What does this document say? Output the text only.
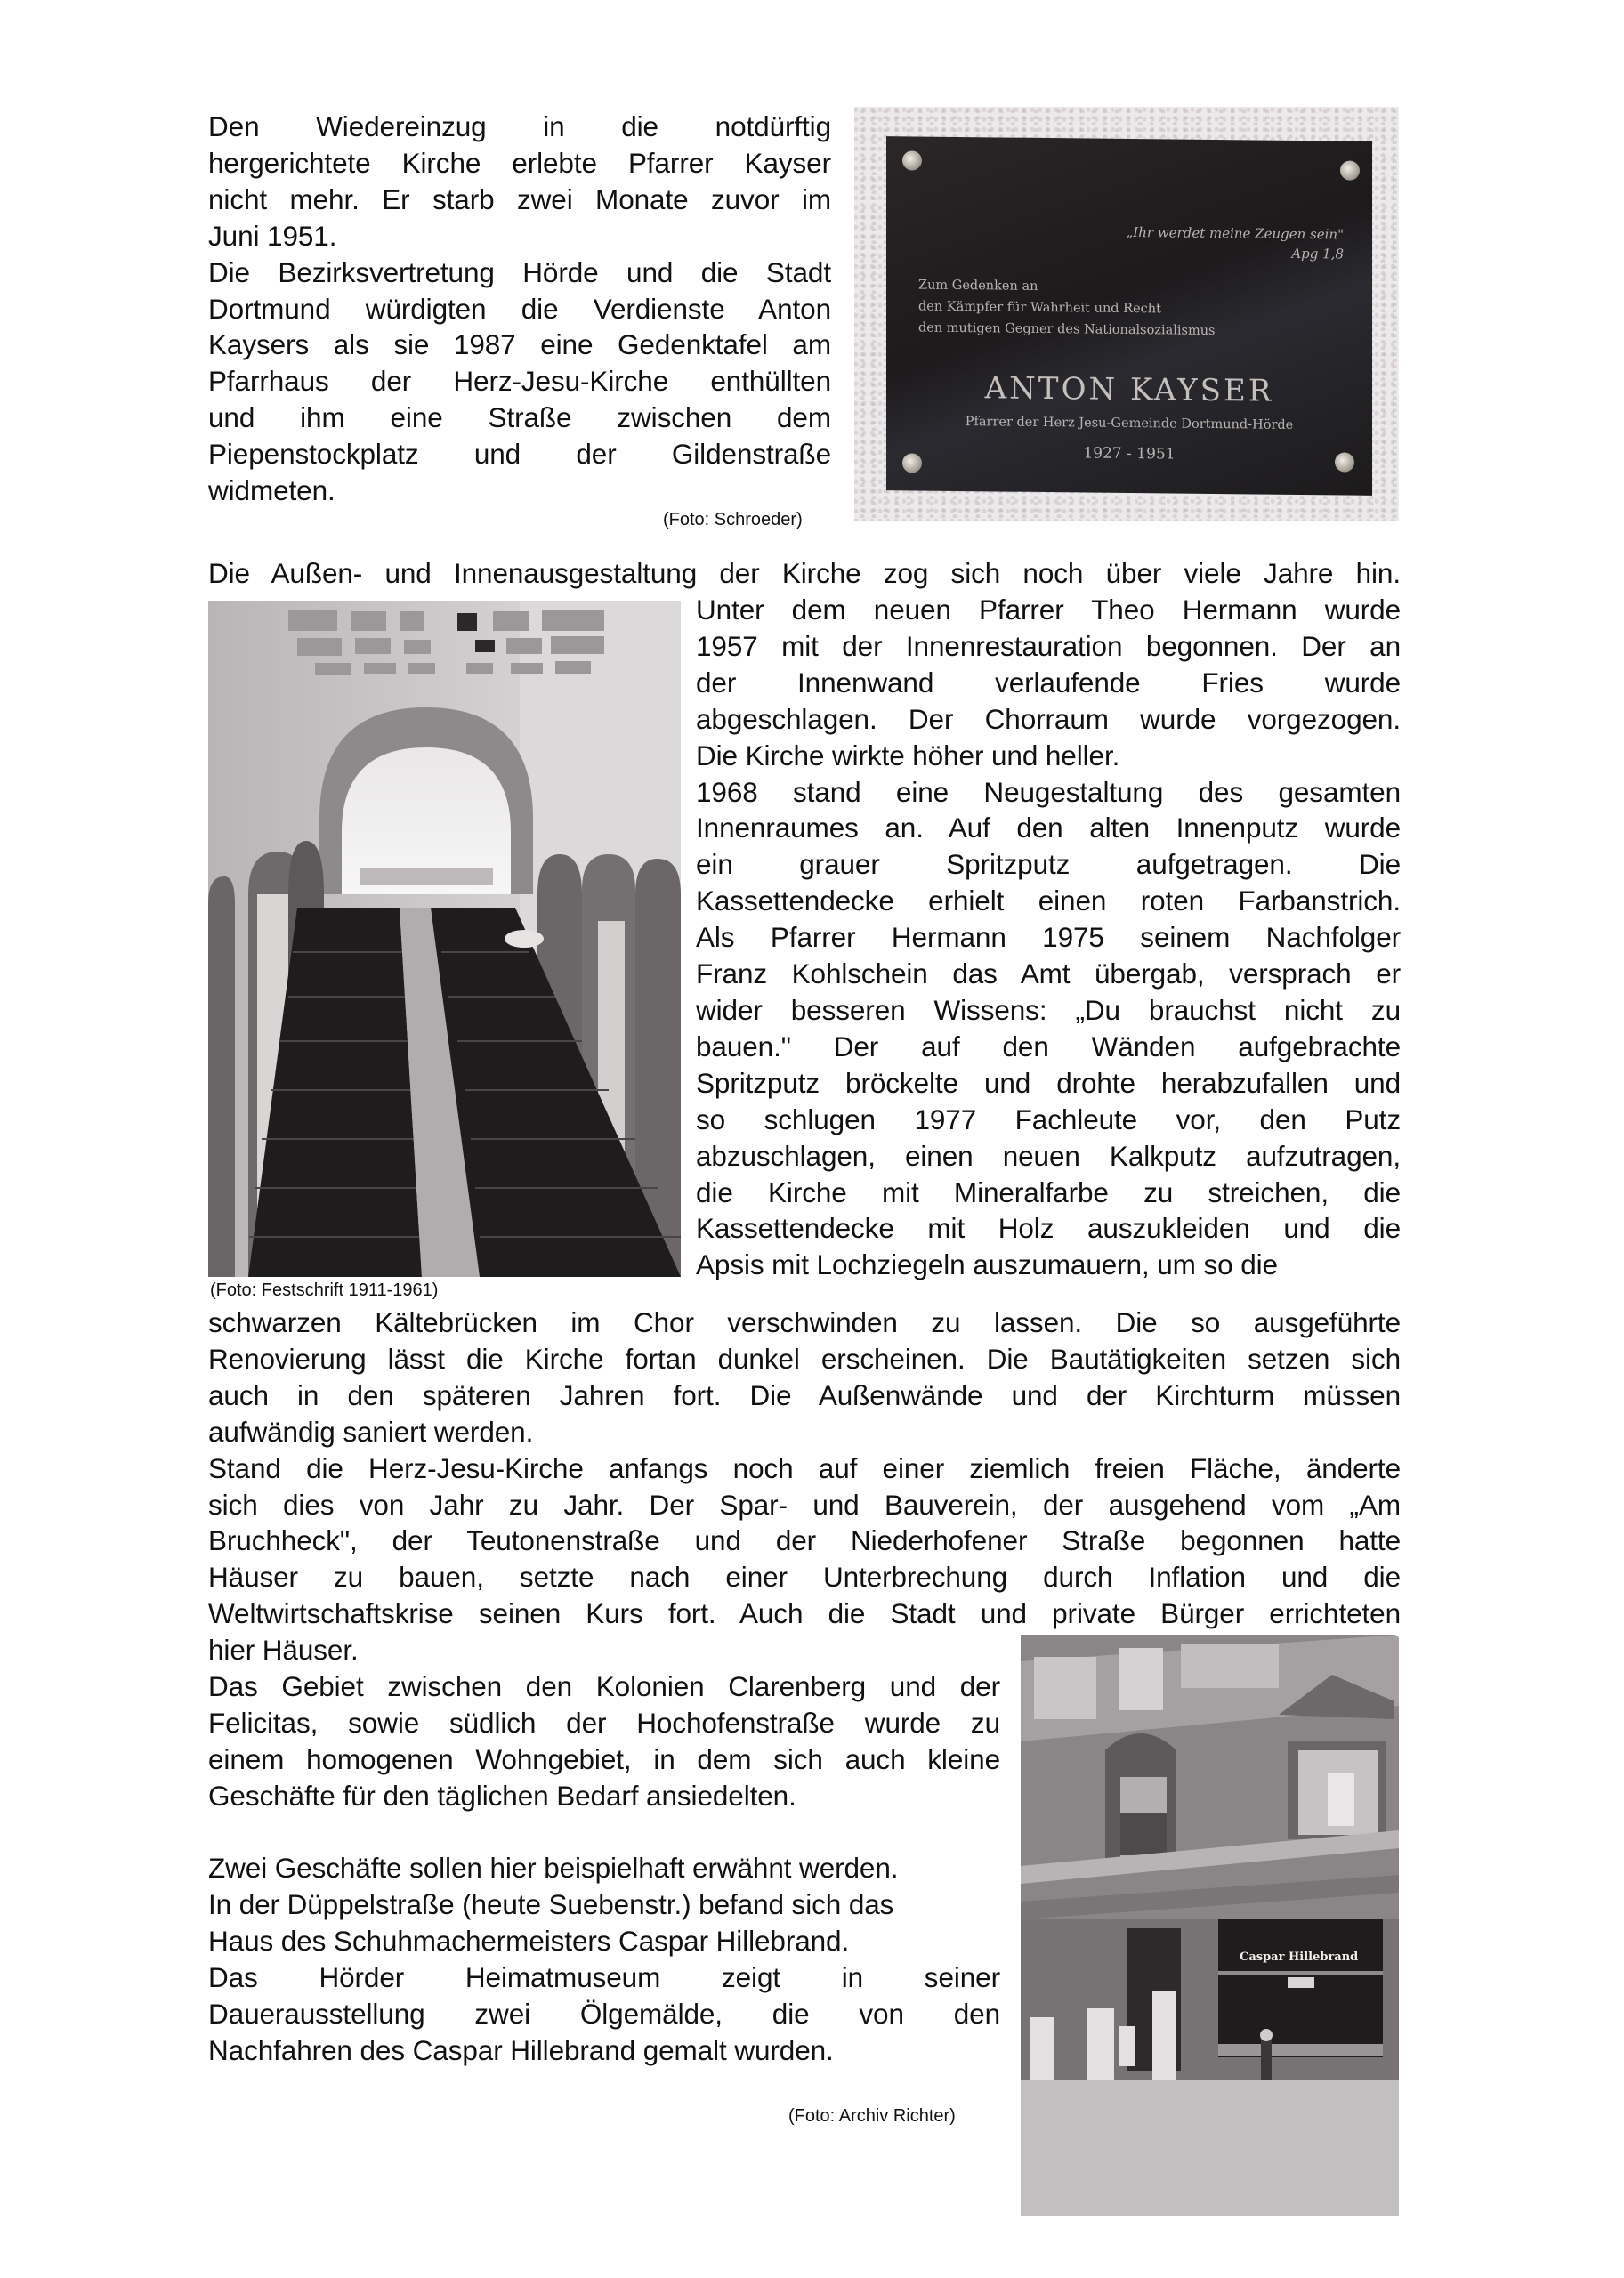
Den Wiedereinzug in die notdürftig
hergerichtete Kirche erlebte Pfarrer Kayser
nicht mehr. Er starb zwei Monate zuvor im
Juni 1951.
Die Bezirksvertretung Hörde und die Stadt
Dortmund würdigten die Verdienste Anton
Kaysers als sie 1987 eine Gedenktafel am
Pfarrhaus der Herz-Jesu-Kirche enthüllten
und ihm eine Straße zwischen dem
Piepenstockplatz und der Gildenstraße
widmeten.
(Foto: Schroeder)
„Ihr werdet meine Zeugen sein"
Apg 1,8
Zum Gedenken an
den Kämpfer für Wahrheit und Recht
den mutigen Gegner des Nationalsozialismus
ANTON KAYSER
Pfarrer der Herz Jesu-Gemeinde Dortmund-Hörde
1927 - 1951
Die Außen- und Innenausgestaltung der Kirche zog sich noch über viele Jahre hin.
Unter dem neuen Pfarrer Theo Hermann wurde
1957 mit der Innenrestauration begonnen. Der an
der Innenwand verlaufende Fries wurde
abgeschlagen. Der Chorraum wurde vorgezogen.
Die Kirche wirkte höher und heller.
1968 stand eine Neugestaltung des gesamten
Innenraumes an. Auf den alten Innenputz wurde
ein grauer Spritzputz aufgetragen. Die
Kassettendecke erhielt einen roten Farbanstrich.
Als Pfarrer Hermann 1975 seinem Nachfolger
Franz Kohlschein das Amt übergab, versprach er
wider besseren Wissens: „Du brauchst nicht zu
bauen." Der auf den Wänden aufgebrachte
Spritzputz bröckelte und drohte herabzufallen und
so schlugen 1977 Fachleute vor, den Putz
abzuschlagen, einen neuen Kalkputz aufzutragen,
die Kirche mit Mineralfarbe zu streichen, die
Kassettendecke mit Holz auszukleiden und die
Apsis mit Lochziegeln auszumauern, um so die
(Foto: Festschrift 1911-1961)
schwarzen Kältebrücken im Chor verschwinden zu lassen. Die so ausgeführte
Renovierung lässt die Kirche fortan dunkel erscheinen. Die Bautätigkeiten setzen sich
auch in den späteren Jahren fort. Die Außenwände und der Kirchturm müssen
aufwändig saniert werden.
Stand die Herz-Jesu-Kirche anfangs noch auf einer ziemlich freien Fläche, änderte
sich dies von Jahr zu Jahr. Der Spar- und Bauverein, der ausgehend vom „Am
Bruchheck", der Teutonenstraße und der Niederhofener Straße begonnen hatte
Häuser zu bauen, setzte nach einer Unterbrechung durch Inflation und die
Weltwirtschaftskrise seinen Kurs fort. Auch die Stadt und private Bürger errichteten
hier Häuser.
Das Gebiet zwischen den Kolonien Clarenberg und der
Felicitas, sowie südlich der Hochofenstraße wurde zu
einem homogenen Wohngebiet, in dem sich auch kleine
Geschäfte für den täglichen Bedarf ansiedelten.

Zwei Geschäfte sollen hier beispielhaft erwähnt werden.
In der Düppelstraße (heute Suebenstr.) befand sich das
Haus des Schuhmachermeisters Caspar Hillebrand.
Das Hörder Heimatmuseum zeigt in seiner
Dauerausstellung zwei Ölgemälde, die von den
Nachfahren des Caspar Hillebrand gemalt wurden.
(Foto: Archiv Richter)
Caspar Hillebrand
